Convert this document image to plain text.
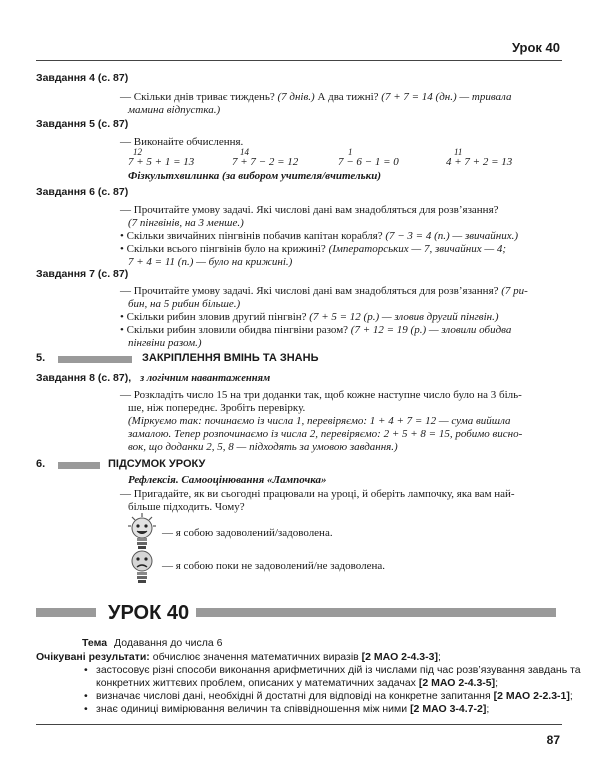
Урок 40
Завдання 4 (с. 87)
— Скільки днів триває тиждень? (7 днів.) А два тижні? (7 + 7 = 14 (дн.) — тривала
мамина відпустка.)
Завдання 5 (с. 87)
— Виконайте обчислення.
12	14	1	11
7 + 5 + 1 = 13	7 + 7 − 2 = 12	7 − 6 − 1 = 0	4 + 7 + 2 = 13
Фізкультхвилинка (за вибором учителя/вчительки)
Завдання 6 (с. 87)
— Прочитайте умову задачі. Які числові дані вам знадобляться для розв’язання?
(7 пінгвінів, на 3 менше.)
• Скільки звичайних пінгвінів побачив капітан корабля? (7 − 3 = 4 (п.) — звичайних.)
• Скільки всього пінгвінів було на крижині? (Імператорських — 7, звичайних — 4;
7 + 4 = 11 (п.) — було на крижині.)
Завдання 7 (с. 87)
— Прочитайте умову задачі. Які числові дані вам знадобляться для розв’язання? (7 ри-
бин, на 5 рибин більше.)
• Скільки рибин зловив другий пінгвін? (7 + 5 = 12 (р.) — зловив другий пінгвін.)
• Скільки рибин зловили обидва пінгвіни разом? (7 + 12 = 19 (р.) — зловили обидва
пінгвіни разом.)
5.	ЗАКРІПЛЕННЯ ВМІНЬ ТА ЗНАНЬ
Завдання 8 (с. 87), з логічним навантаженням
— Розкладіть число 15 на три доданки так, щоб кожне наступне число було на 3 біль-
ше, ніж попереднє. Зробіть перевірку.
(Міркуємо так: починаємо із числа 1, перевіряємо: 1 + 4 + 7 = 12 — сума вийшла
замалою. Тепер розпочинаємо із числа 2, перевіряємо: 2 + 5 + 8 = 15, робимо висно-
вок, що доданки 2, 5, 8 — підходять за умовою завдання.)
6.	ПІДСУМОК УРОКУ
Рефлексія. Самооцінювання «Лампочка»
— Пригадайте, як ви сьогодні працювали на уроці, й оберіть лампочку, яка вам най-
більше підходить. Чому?
— я собою задоволений/задоволена.
— я собою поки не задоволений/не задоволена.
УРОК 40
Тема Додавання до числа 6
Очікувані результати: обчислює значення математичних виразів [2 МАО 2-4.3-3];
• застосовує різні способи виконання арифметичних дій із числами під час розв’язування завдань та
конкретних життєвих проблем, описаних у математичних задачах [2 МАО 2-4.3-5];
• визначає числові дані, необхідні й достатні для відповіді на конкретне запитання [2 МАО 2-2.3-1];
• знає одиниці вимірювання величин та співвідношення між ними [2 МАО 3-4.7-2];
87
